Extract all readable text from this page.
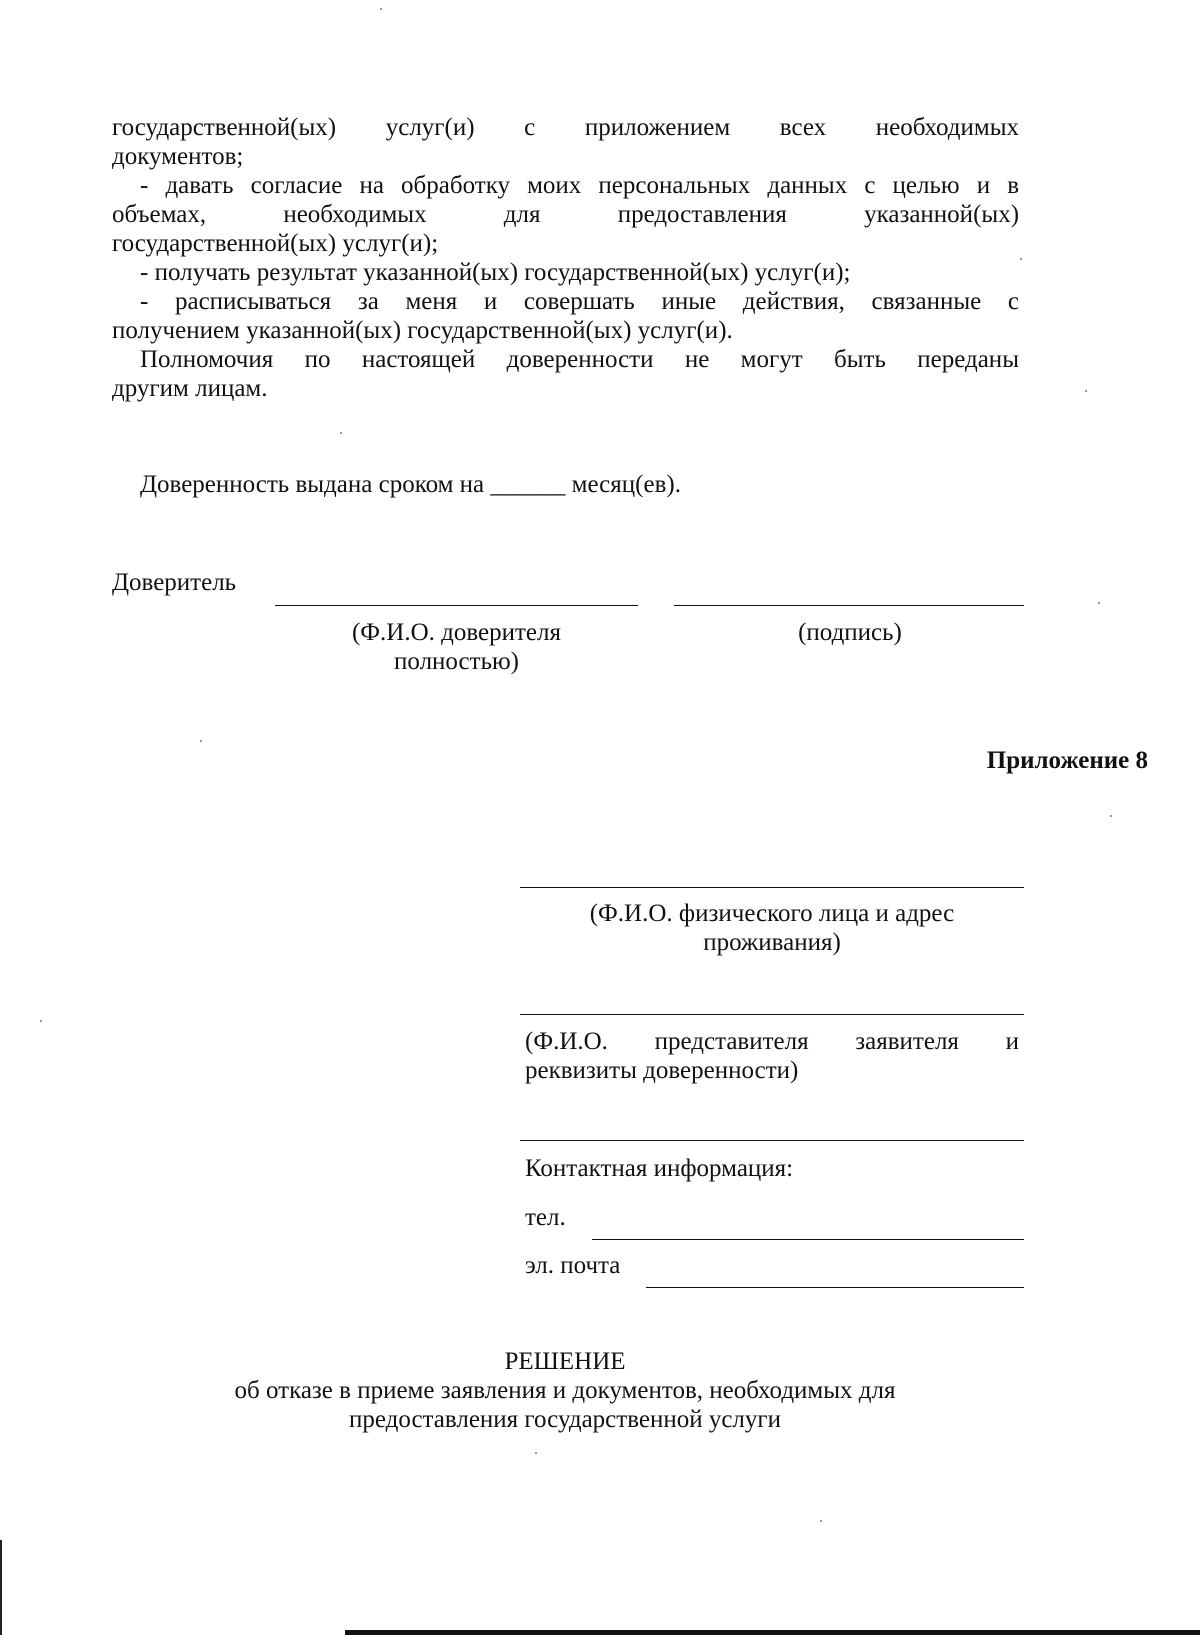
государственной(ых) услуг(и) с приложением всех необходимых
документов;
- давать согласие на обработку моих персональных данных с целью и в
объемах,	необходимых	для	предоставления	указанной(ых)
государственной(ых) услуг(и);
- получать результат указанной(ых) государственной(ых) услуг(и);
- расписываться за меня и совершать иные действия, связанные с
получением указанной(ых) государственной(ых) услуг(и).
Полномочия по настоящей доверенности не могут быть переданы
другим лицам.
Доверенность выдана сроком на ______ месяц(ев).
Доверитель
(Ф.И.О. доверителя
полностью)
(подпись)
Приложение 8
(Ф.И.О. физического лица и адрес
проживания)
(Ф.И.О. представителя заявителя и
реквизиты доверенности)
Контактная информация:
тел.
эл. почта
РЕШЕНИЕ
об отказе в приеме заявления и документов, необходимых для
предоставления государственной услуги
